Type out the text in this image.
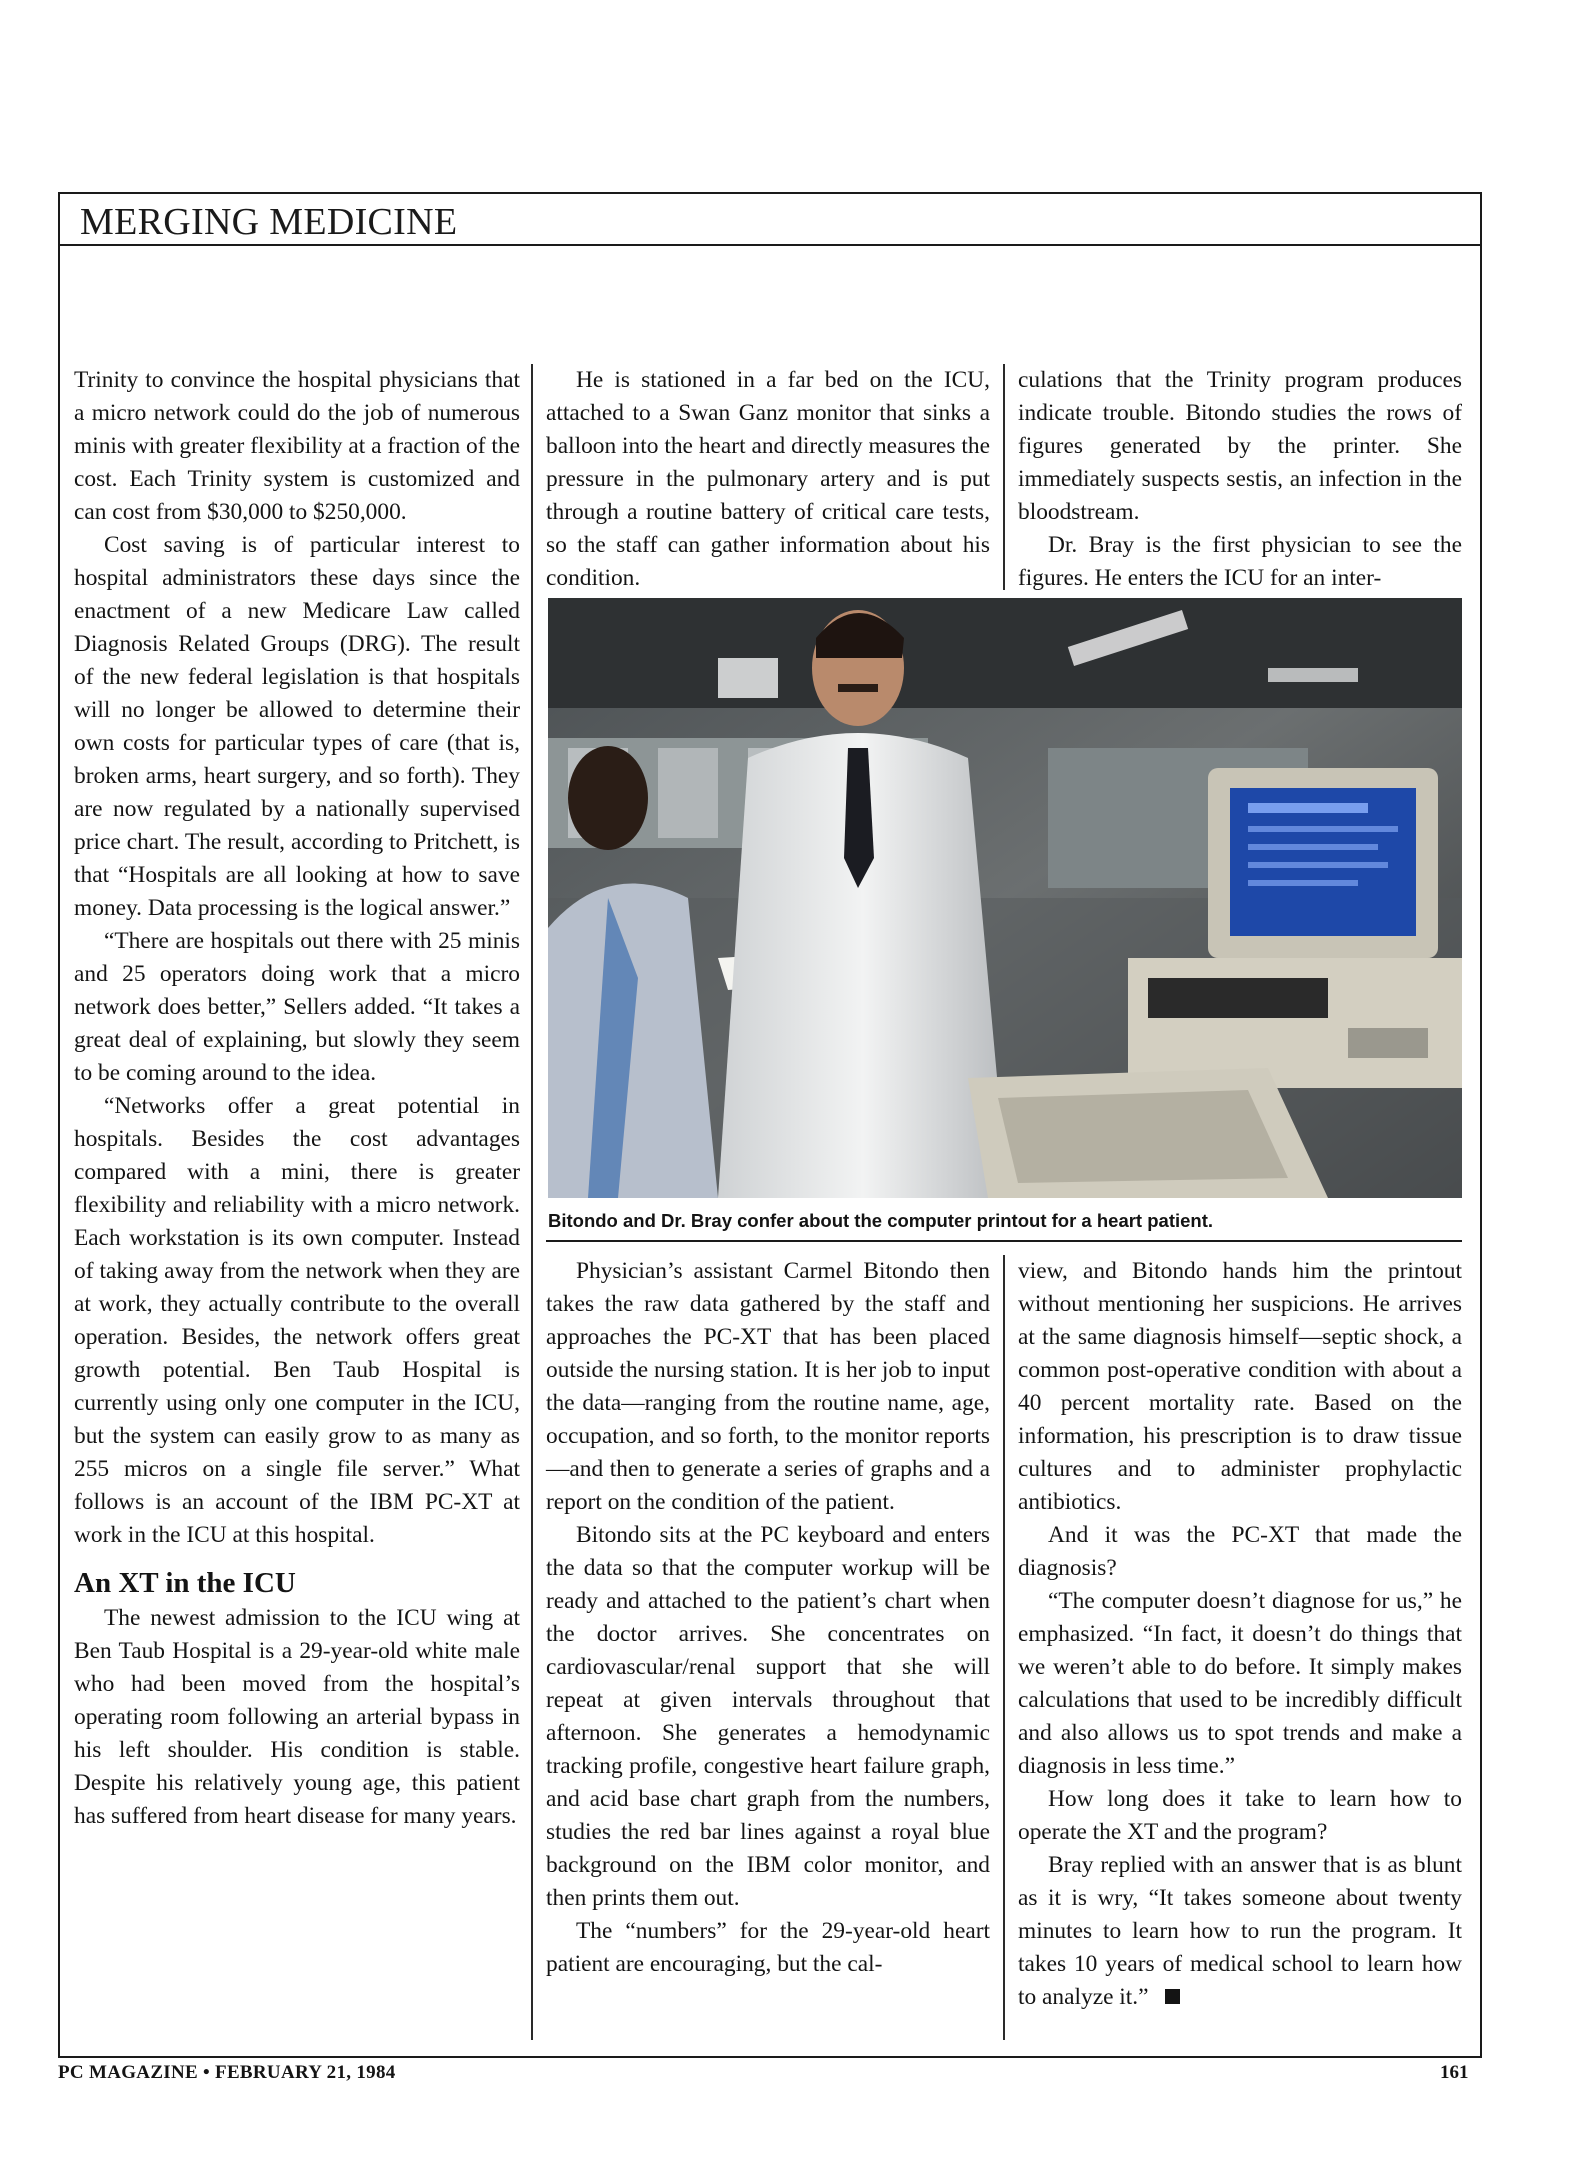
MERGING MEDICINE

Trinity to convince the hospital physicians that a micro network could do the job of numerous minis with greater flexibility at a fraction of the cost. Each Trinity system is customized and can cost from $30,000 to $250,000.

Cost saving is of particular interest to hospital administrators these days since the enactment of a new Medicare Law called Diagnosis Related Groups (DRG). The result of the new federal legislation is that hospitals will no longer be allowed to determine their own costs for particular types of care (that is, broken arms, heart surgery, and so forth). They are now regulated by a nationally supervised price chart. The result, according to Pritchett, is that “Hospitals are all looking at how to save money. Data processing is the logical answer.”

“There are hospitals out there with 25 minis and 25 operators doing work that a micro network does better,” Sellers added. “It takes a great deal of explaining, but slowly they seem to be coming around to the idea.

“Networks offer a great potential in hospitals. Besides the cost advantages compared with a mini, there is greater flexibility and reliability with a micro network. Each workstation is its own computer. Instead of taking away from the network when they are at work, they actually contribute to the overall operation. Besides, the network offers great growth potential. Ben Taub Hospital is currently using only one computer in the ICU, but the system can easily grow to as many as 255 micros on a single file server.” What follows is an account of the IBM PC-XT at work in the ICU at this hospital.

An XT in the ICU

The newest admission to the ICU wing at Ben Taub Hospital is a 29-year-old white male who had been moved from the hospital’s operating room following an arterial bypass in his left shoulder. His condition is stable. Despite his relatively young age, this patient has suffered from heart disease for many years.

He is stationed in a far bed on the ICU, attached to a Swan Ganz monitor that sinks a balloon into the heart and directly measures the pressure in the pulmonary artery and is put through a routine battery of critical care tests, so the staff can gather information about his condition.

culations that the Trinity program produces indicate trouble. Bitondo studies the rows of figures generated by the printer. She immediately suspects sestis, an infection in the bloodstream.

Dr. Bray is the first physician to see the figures. He enters the ICU for an inter-

Bitondo and Dr. Bray confer about the computer printout for a heart patient.

Physician’s assistant Carmel Bitondo then takes the raw data gathered by the staff and approaches the PC-XT that has been placed outside the nursing station. It is her job to input the data—ranging from the routine name, age, occupation, and so forth, to the monitor reports—and then to generate a series of graphs and a report on the condition of the patient.

Bitondo sits at the PC keyboard and enters the data so that the computer workup will be ready and attached to the patient’s chart when the doctor arrives. She concentrates on cardiovascular/renal support that she will repeat at given intervals throughout that afternoon. She generates a hemodynamic tracking profile, congestive heart failure graph, and acid base chart graph from the numbers, studies the red bar lines against a royal blue background on the IBM color monitor, and then prints them out.

The “numbers” for the 29-year-old heart patient are encouraging, but the cal-

view, and Bitondo hands him the printout without mentioning her suspicions. He arrives at the same diagnosis himself—septic shock, a common post-operative condition with about a 40 percent mortality rate. Based on the information, his prescription is to draw tissue cultures and to administer prophylactic antibiotics.

And it was the PC-XT that made the diagnosis?

“The computer doesn’t diagnose for us,” he emphasized. “In fact, it doesn’t do things that we weren’t able to do before. It simply makes calculations that used to be incredibly difficult and also allows us to spot trends and make a diagnosis in less time.”

How long does it take to learn how to operate the XT and the program?

Bray replied with an answer that is as blunt as it is wry, “It takes someone about twenty minutes to learn how to run the program. It takes 10 years of medical school to learn how to analyze it.”

PC MAGAZINE • FEBRUARY 21, 1984	161
